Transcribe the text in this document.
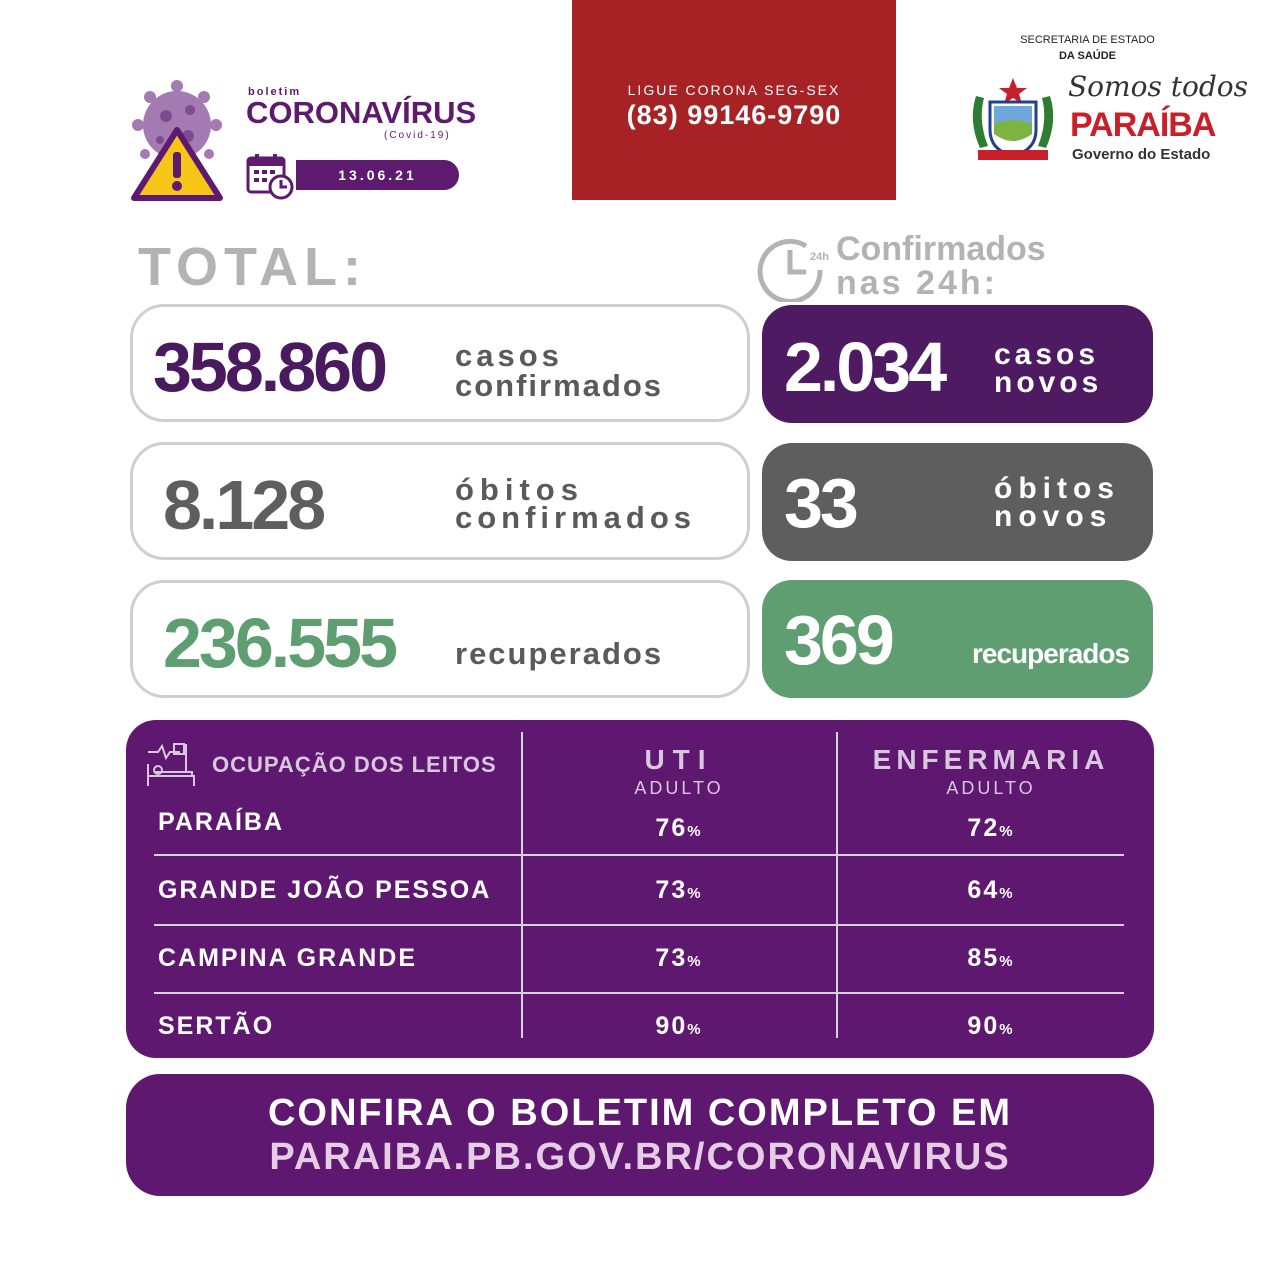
boletim
CORONAVÍRUS
(Covid-19)
13.06.21
LIGUE CORONA SEG-SEX
(83) 99146-9790
SECRETARIA DE ESTADO
DA SAÚDE
Somos todos
PARAÍBA
Governo do Estado
TOTAL:	24h Confirmados
nas 24h:
358.860 casos
confirmados
8.128	óbitos
confirmados
236.555 recuperados
2.034 casos
novos
33	óbitos
novos
369	recuperados
OCUPAÇÃO DOS LEITOS	UTI
ADULTO
ENFERMARIA
ADULTO
PARAÍBA	76%	72%
GRANDE JOÃO PESSOA	73%	64%
CAMPINA GRANDE	73%	85%
SERTÃO	90%	90%
CONFIRA O BOLETIM COMPLETO EM
PARAIBA.PB.GOV.BR/CORONAVIRUS
